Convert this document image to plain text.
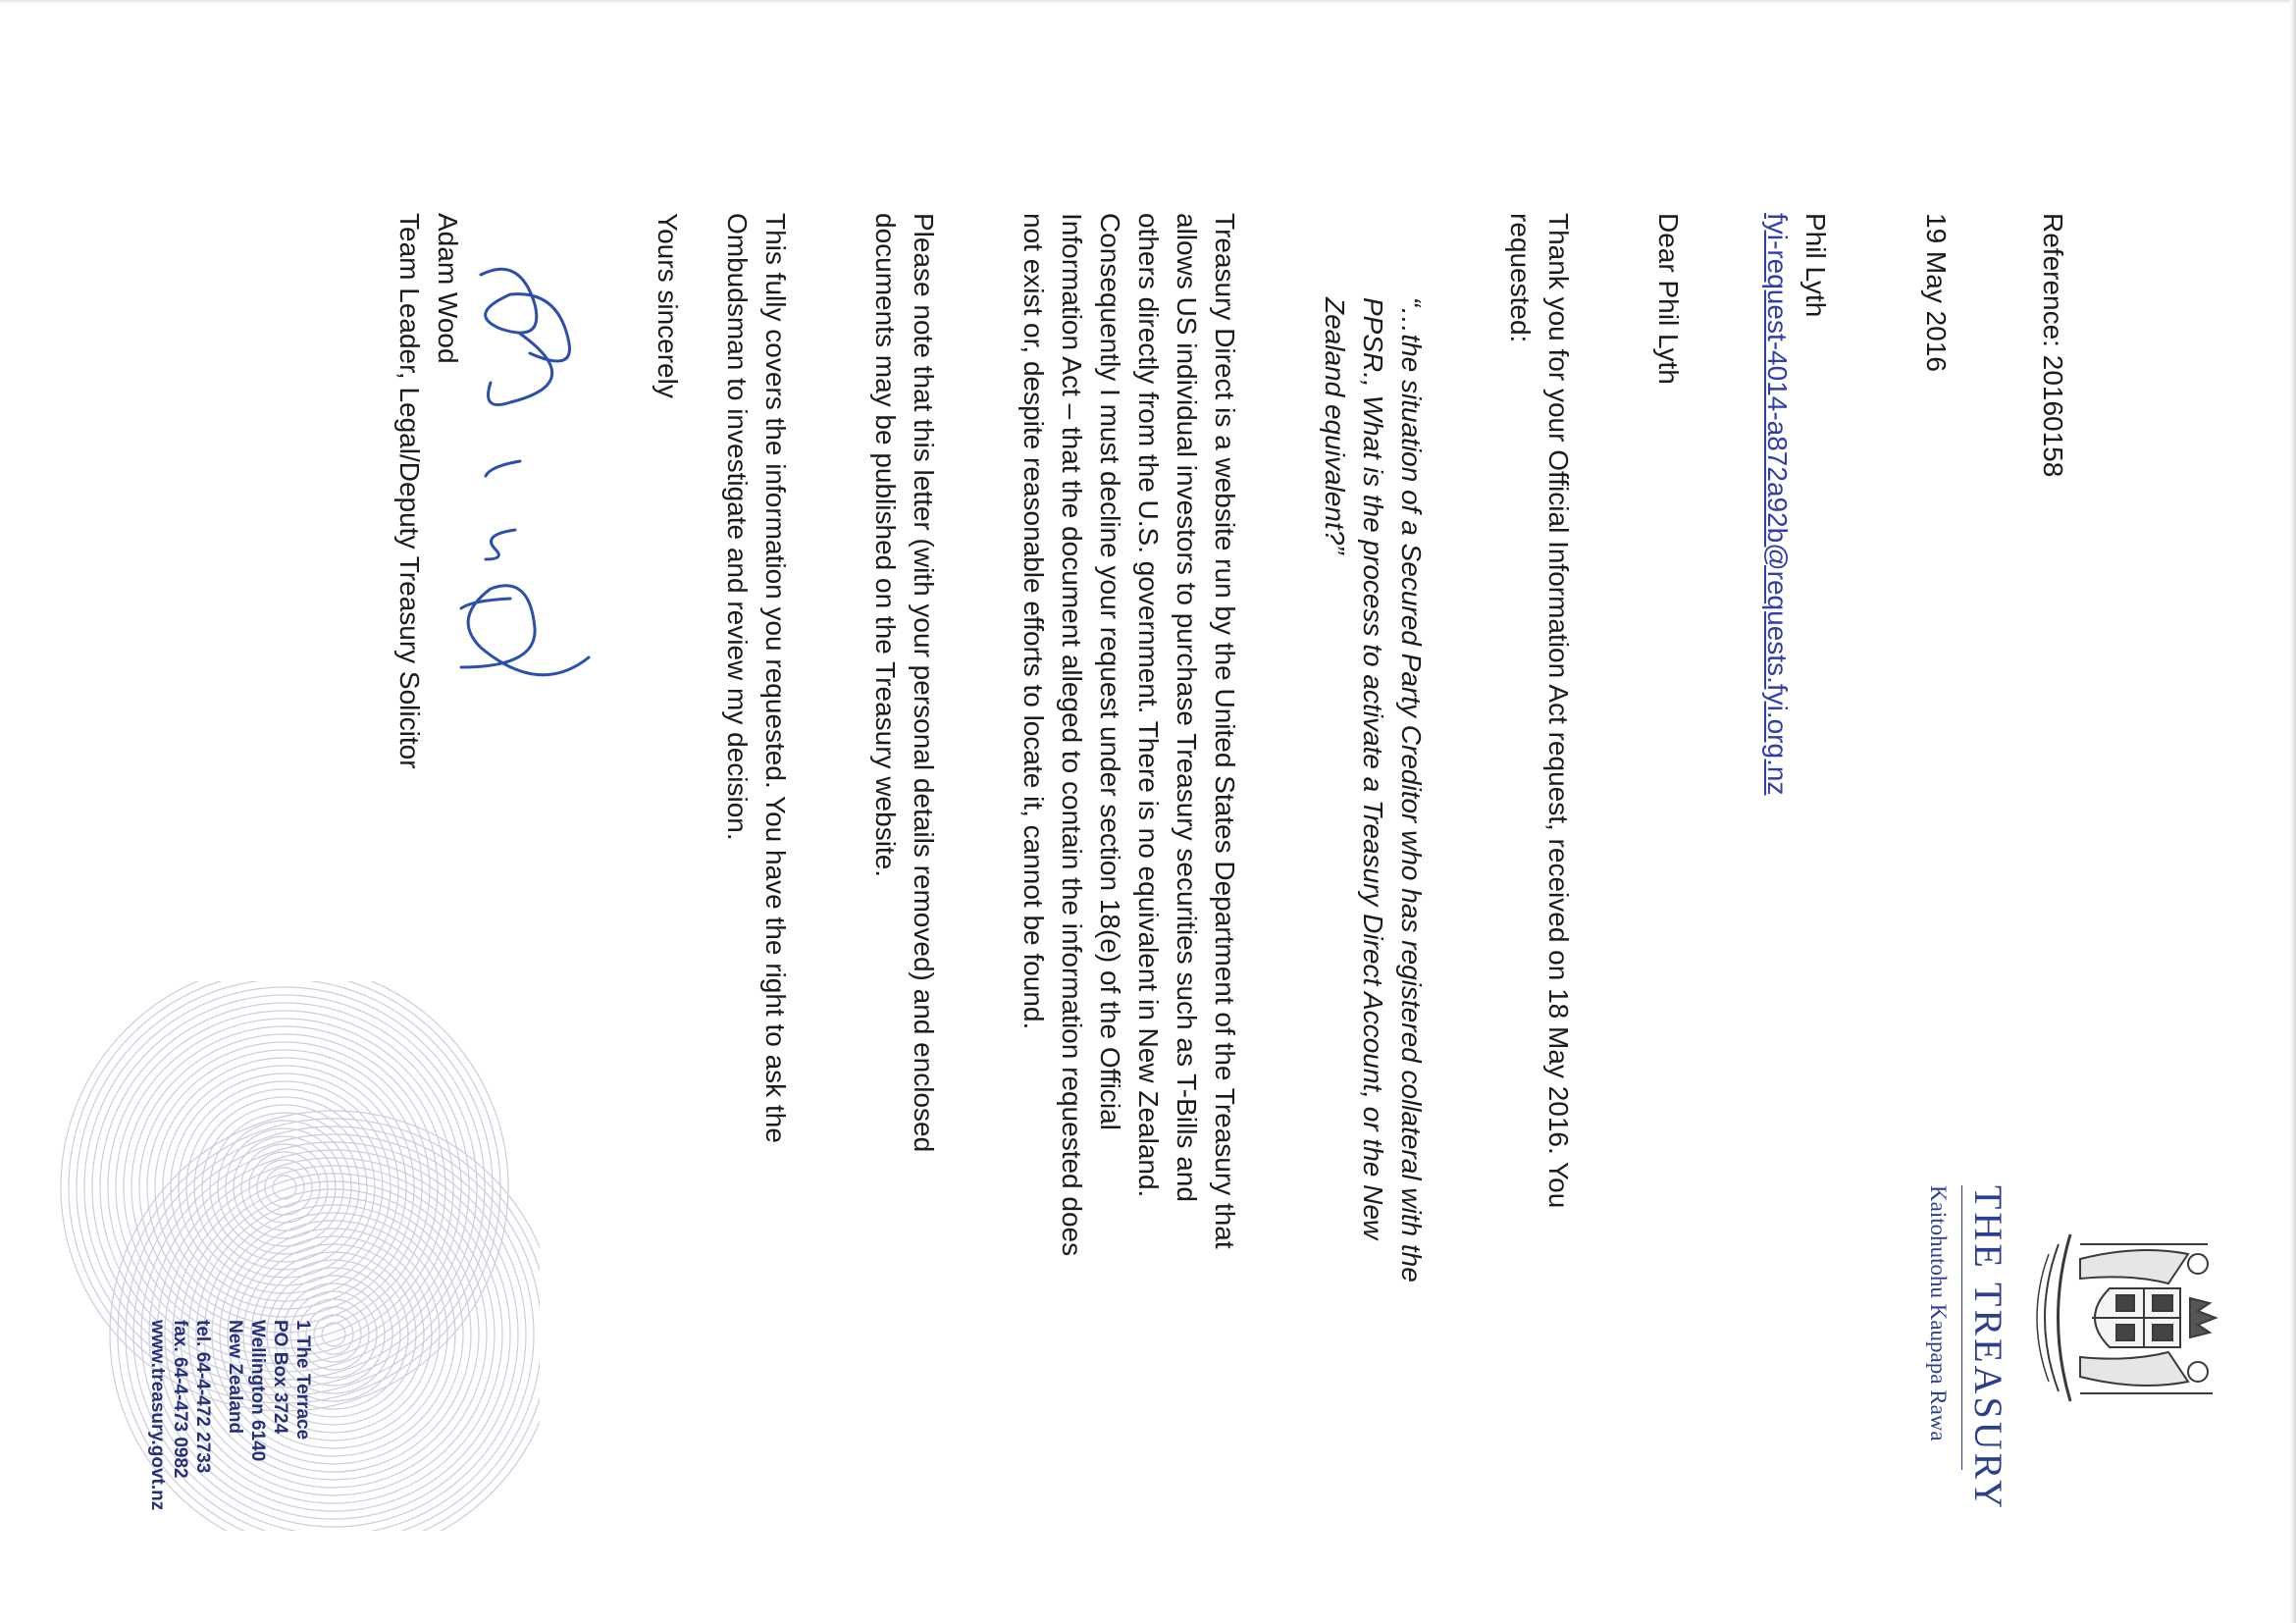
THE TREASURY
Kaitohutohu Kaupapa Rawa
Reference: 20160158
19 May 2016
Phil Lyth
fyi-request-4014-a872a92b@requests.fyi.org.nz
Dear Phil Lyth
Thank you for your Official Information Act request, received on 18 May 2016. You
requested:
“…the situation of a Secured Party Creditor who has registered collateral with the
PPSR., What is the process to activate a Treasury Direct Account, or the New
Zealand equivalent?”
Treasury Direct is a website run by the United States Department of the Treasury that
allows US individual investors to purchase Treasury securities such as T-Bills and
others directly from the U.S. government. There is no equivalent in New Zealand.
Consequently I must decline your request under section 18(e) of the Official
Information Act – that the document alleged to contain the information requested does
not exist or, despite reasonable efforts to locate it, cannot be found.
Please note that this letter (with your personal details removed) and enclosed
documents may be published on the Treasury website.
This fully covers the information you requested. You have the right to ask the
Ombudsman to investigate and review my decision.
Yours sincerely
Adam Wood
Team Leader, Legal/Deputy Treasury Solicitor
1 The Terrace
PO Box 3724
Wellington 6140
New Zealand
tel. 64-4-472 2733
fax. 64-4-473 0982
www.treasury.govt.nz
